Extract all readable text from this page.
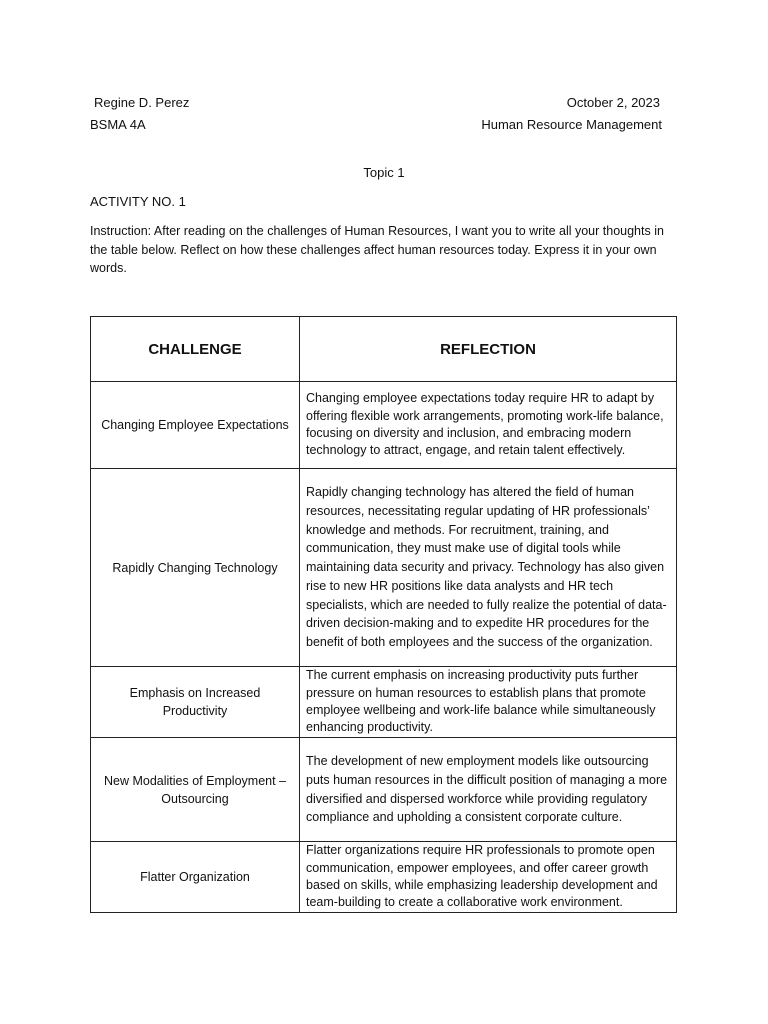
Regine D. Perez
BSMA 4A
October 2, 2023
Human Resource Management
Topic 1
ACTIVITY NO. 1
Instruction: After reading on the challenges of Human Resources, I want you to write all your thoughts in the table below. Reflect on how these challenges affect human resources today. Express it in your own words.
CHALLENGE	REFLECTION
Changing Employee Expectations	Changing employee expectations today require HR to adapt by offering flexible work arrangements, promoting work-life balance, focusing on diversity and inclusion, and embracing modern technology to attract, engage, and retain talent effectively.
Rapidly Changing Technology	Rapidly changing technology has altered the field of human resources, necessitating regular updating of HR professionals’ knowledge and methods. For recruitment, training, and communication, they must make use of digital tools while maintaining data security and privacy. Technology has also given rise to new HR positions like data analysts and HR tech specialists, which are needed to fully realize the potential of data-driven decision-making and to expedite HR procedures for the benefit of both employees and the success of the organization.
Emphasis on Increased Productivity	The current emphasis on increasing productivity puts further pressure on human resources to establish plans that promote employee wellbeing and work-life balance while simultaneously enhancing productivity.
New Modalities of Employment – Outsourcing	The development of new employment models like outsourcing puts human resources in the difficult position of managing a more diversified and dispersed workforce while providing regulatory compliance and upholding a consistent corporate culture.
Flatter Organization	Flatter organizations require HR professionals to promote open communication, empower employees, and offer career growth based on skills, while emphasizing leadership development and team-building to create a collaborative work environment.
